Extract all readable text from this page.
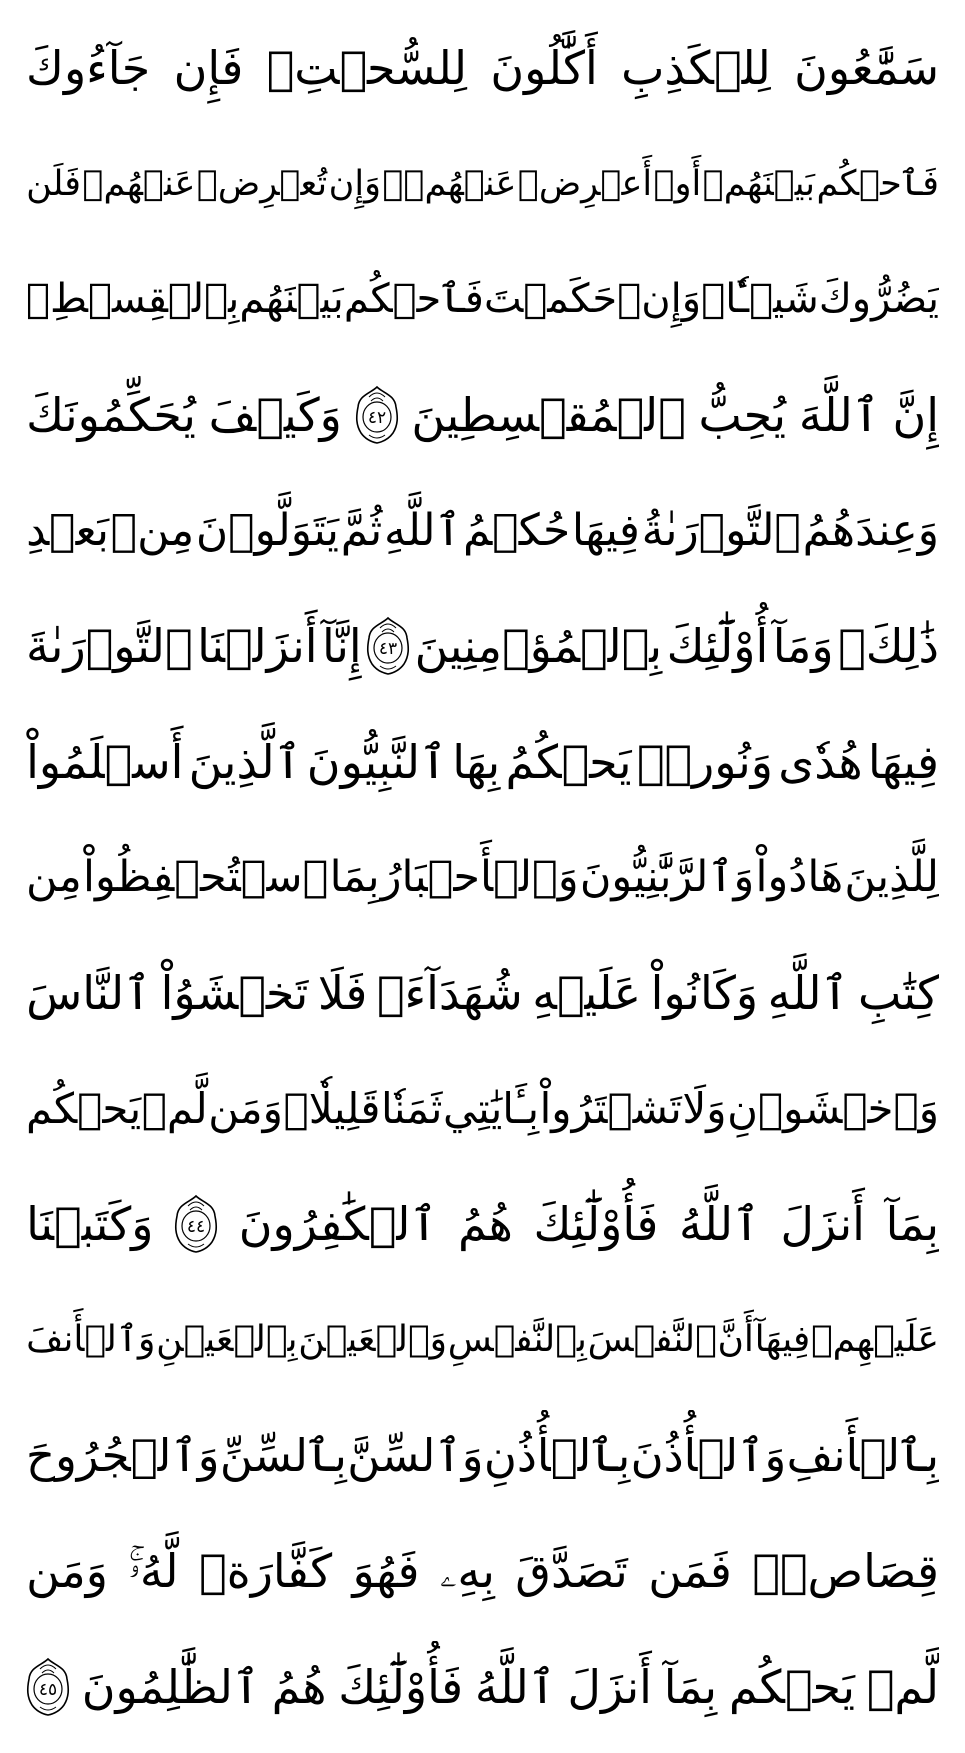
سَمَّٰعُونَ
لِلۡكَذِبِ
أَكَّٰلُونَ
لِلسُّحۡتِۚ
فَإِن
جَآءُوكَ
فَٱحۡكُم
بَيۡنَهُمۡ
أَوۡ
أَعۡرِضۡ
عَنۡهُمۡۖ
وَإِن
تُعۡرِضۡ
عَنۡهُمۡ
فَلَن
يَضُرُّوكَ
شَيۡـٔٗاۖ
وَإِنۡ
حَكَمۡتَ
فَٱحۡكُم
بَيۡنَهُم
بِٱلۡقِسۡطِۚ
إِنَّ
ٱللَّهَ
يُحِبُّ
ٱلۡمُقۡسِطِينَ
٤٢
وَكَيۡفَ
يُحَكِّمُونَكَ
وَعِندَهُمُ
ٱلتَّوۡرَىٰةُ
فِيهَا
حُكۡمُ
ٱللَّهِ
ثُمَّ
يَتَوَلَّوۡنَ
مِنۢ
بَعۡدِ
ذَٰلِكَۚ
وَمَآ
أُوْلَٰٓئِكَ
بِٱلۡمُؤۡمِنِينَ
٤٣
إِنَّآ
أَنزَلۡنَا
ٱلتَّوۡرَىٰةَ
فِيهَا
هُدٗى
وَنُورٞۚ
يَحۡكُمُ
بِهَا
ٱلنَّبِيُّونَ
ٱلَّذِينَ
أَسۡلَمُواْ
لِلَّذِينَ
هَادُواْ
وَٱلرَّبَّٰنِيُّونَ
وَٱلۡأَحۡبَارُ
بِمَا
ٱسۡتُحۡفِظُواْ
مِن
كِتَٰبِ
ٱللَّهِ
وَكَانُواْ
عَلَيۡهِ
شُهَدَآءَۚ
فَلَا
تَخۡشَوُاْ
ٱلنَّاسَ
وَٱخۡشَوۡنِ
وَلَا
تَشۡتَرُواْ
بِـَٔايَٰتِي
ثَمَنٗا
قَلِيلٗاۚ
وَمَن
لَّمۡ
يَحۡكُم
بِمَآ
أَنزَلَ
ٱللَّهُ
فَأُوْلَٰٓئِكَ
هُمُ
ٱلۡكَٰفِرُونَ
٤٤
وَكَتَبۡنَا
عَلَيۡهِمۡ
فِيهَآ
أَنَّ
ٱلنَّفۡسَ
بِٱلنَّفۡسِ
وَٱلۡعَيۡنَ
بِٱلۡعَيۡنِ
وَٱلۡأَنفَ
بِٱلۡأَنفِ
وَٱلۡأُذُنَ
بِٱلۡأُذُنِ
وَٱلسِّنَّ
بِٱلسِّنِّ
وَٱلۡجُرُوحَ
قِصَاصٞۚ
فَمَن
تَصَدَّقَ
بِهِۦ
فَهُوَ
كَفَّارَةٞ
لَّهُۥۚ
وَمَن
لَّمۡ
يَحۡكُم
بِمَآ
أَنزَلَ
ٱللَّهُ
فَأُوْلَٰٓئِكَ
هُمُ
ٱلظَّٰلِمُونَ
٤٥
